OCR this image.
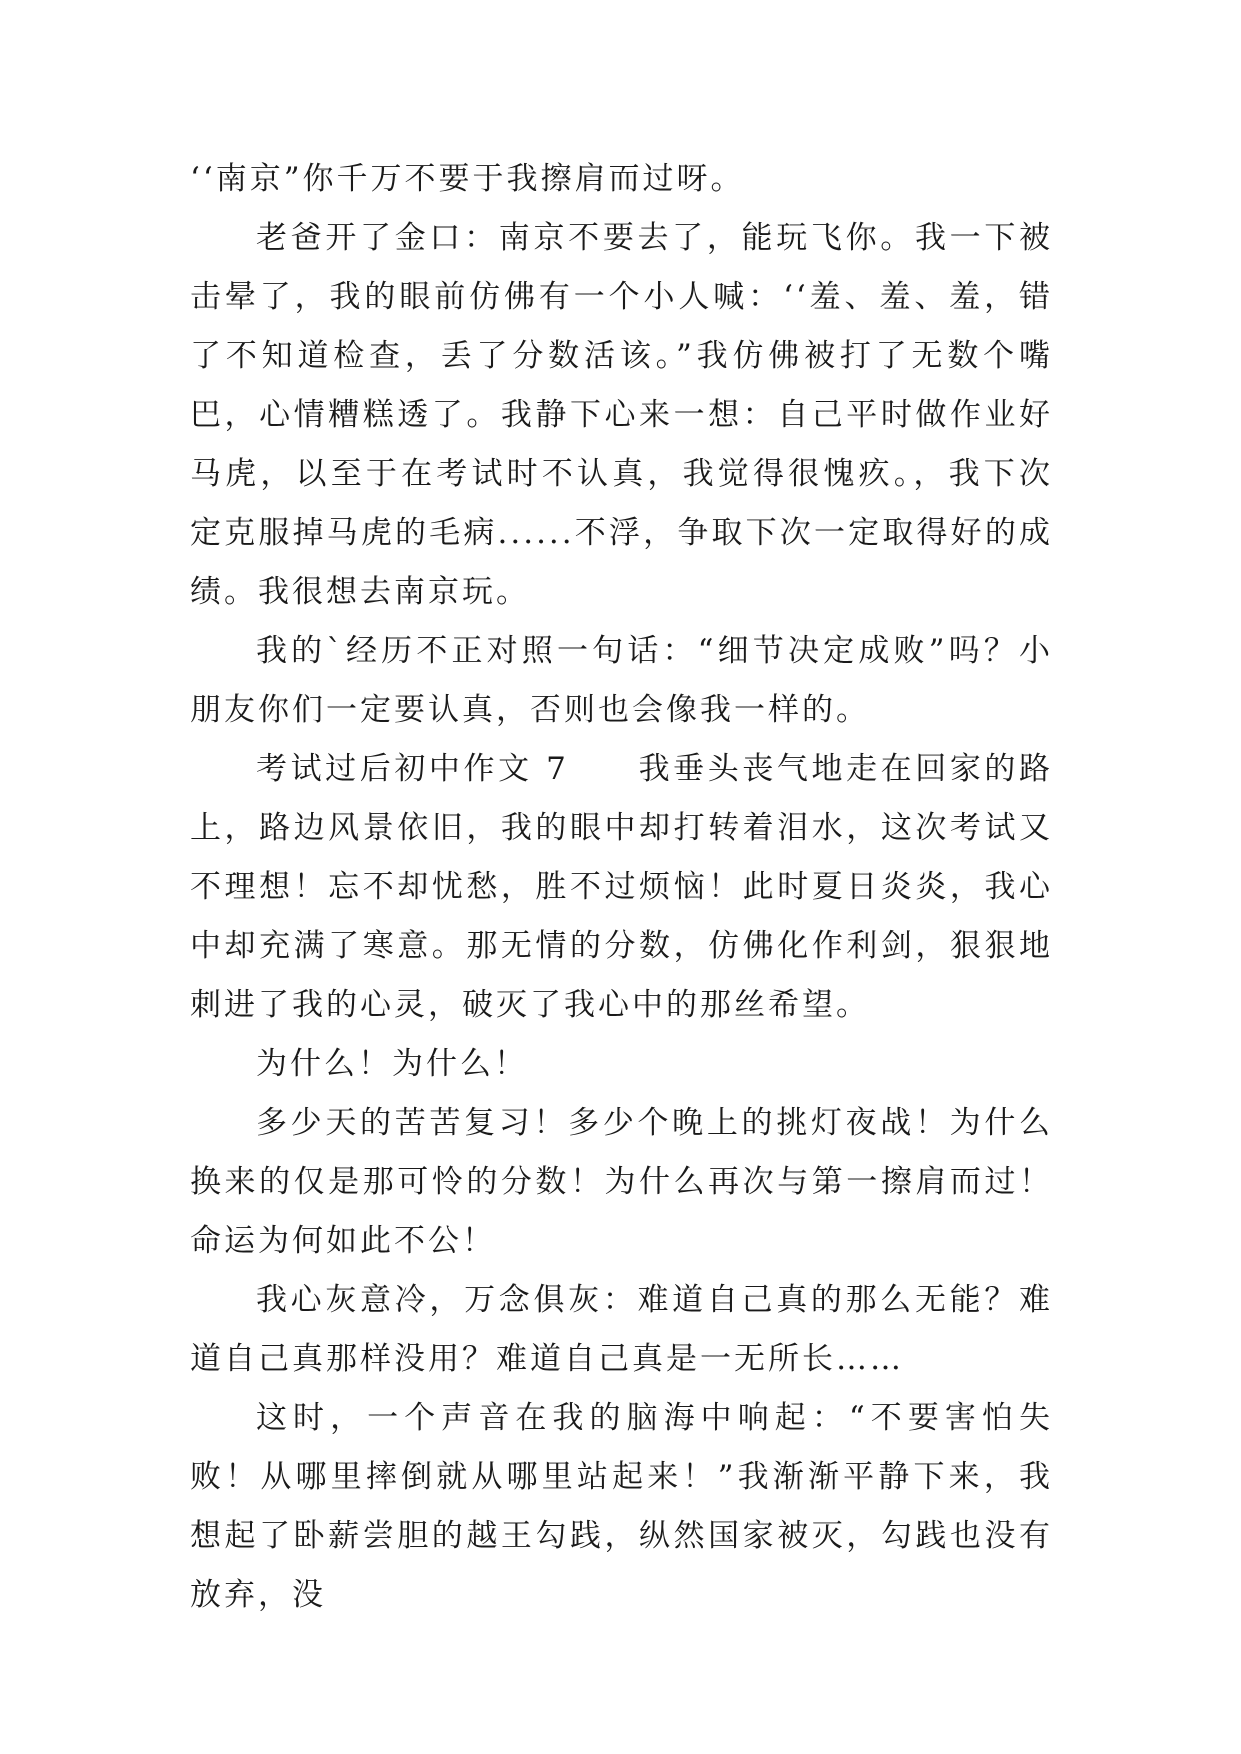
‘‘南京”你千万不要于我擦肩而过呀。

老爸开了金口：南京不要去了，能玩飞你。我一下被击晕了，我的眼前仿佛有一个小人喊：‘‘羞、羞、羞，错了不知道检查，丢了分数活该。”我仿佛被打了无数个嘴巴，心情糟糕透了。我静下心来一想：自己平时做作业好马虎，以至于在考试时不认真，我觉得很愧疚。，我下次定克服掉马虎的毛病......不浮，争取下次一定取得好的成绩。我很想去南京玩。

我的`经历不正对照一句话：“细节决定成败”吗？小朋友你们一定要认真，否则也会像我一样的。

考试过后初中作文 7　　我垂头丧气地走在回家的路上，路边风景依旧，我的眼中却打转着泪水，这次考试又不理想！忘不却忧愁，胜不过烦恼！此时夏日炎炎，我心中却充满了寒意。那无情的分数，仿佛化作利剑，狠狠地刺进了我的心灵，破灭了我心中的那丝希望。

为什么！为什么！

多少天的苦苦复习！多少个晚上的挑灯夜战！为什么换来的仅是那可怜的分数！为什么再次与第一擦肩而过！命运为何如此不公！

我心灰意冷，万念俱灰：难道自己真的那么无能？难道自己真那样没用？难道自己真是一无所长……

这时，一个声音在我的脑海中响起：“不要害怕失败！从哪里摔倒就从哪里站起来！”我渐渐平静下来，我想起了卧薪尝胆的越王勾践，纵然国家被灭，勾践也没有放弃，没
